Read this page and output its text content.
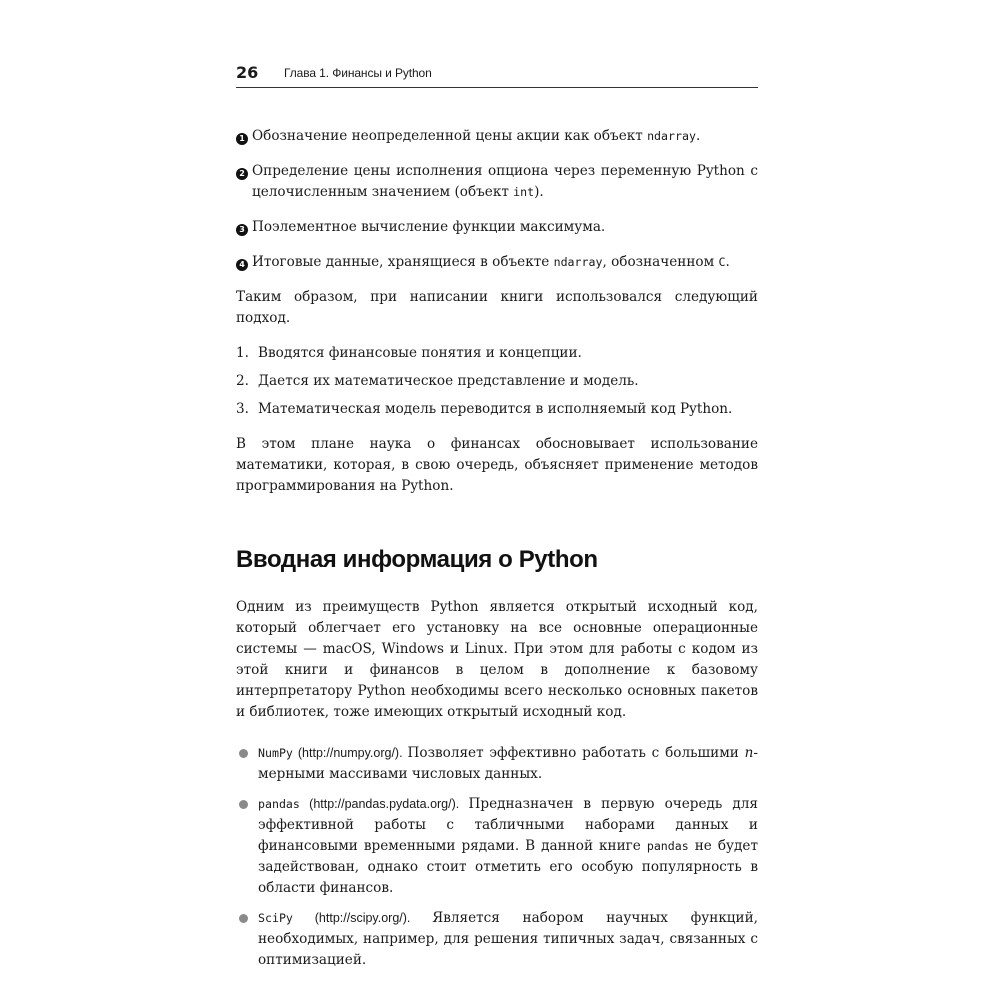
26 Глава 1. Финансы и Python
1 Обозначение неопределенной цены акции как объект ndarray.
2 Определение цены исполнения опциона через переменную Python с целочисленным значением (объект int).
3 Поэлементное вычисление функции максимума.
4 Итоговые данные, хранящиеся в объекте ndarray, обозначенном C.

Таким образом, при написании книги использовался следующий подход.

1. Вводятся финансовые понятия и концепции.
2. Дается их математическое представление и модель.
3. Математическая модель переводится в исполняемый код Python.

В этом плане наука о финансах обосновывает использование математики, которая, в свою очередь, объясняет применение методов программирования на Python.

Вводная информация о Python

Одним из преимуществ Python является открытый исходный код, который облегчает его установку на все основные операционные системы — macOS, Windows и Linux. При этом для работы с кодом из этой книги и финансов в целом в дополнение к базовому интерпретатору Python необходимы всего несколько основных пакетов и библиотек, тоже имеющих открытый исходный код.

NumPy (http://numpy.org/). Позволяет эффективно работать с большими n-мерными массивами числовых данных.
pandas (http://pandas.pydata.org/). Предназначен в первую очередь для эффективной работы с табличными наборами данных и финансовыми временными рядами. В данной книге pandas не будет задействован, однако стоит отметить его особую популярность в области финансов.
SciPy (http://scipy.org/). Является набором научных функций, необходимых, например, для решения типичных задач, связанных с оптимизацией.
